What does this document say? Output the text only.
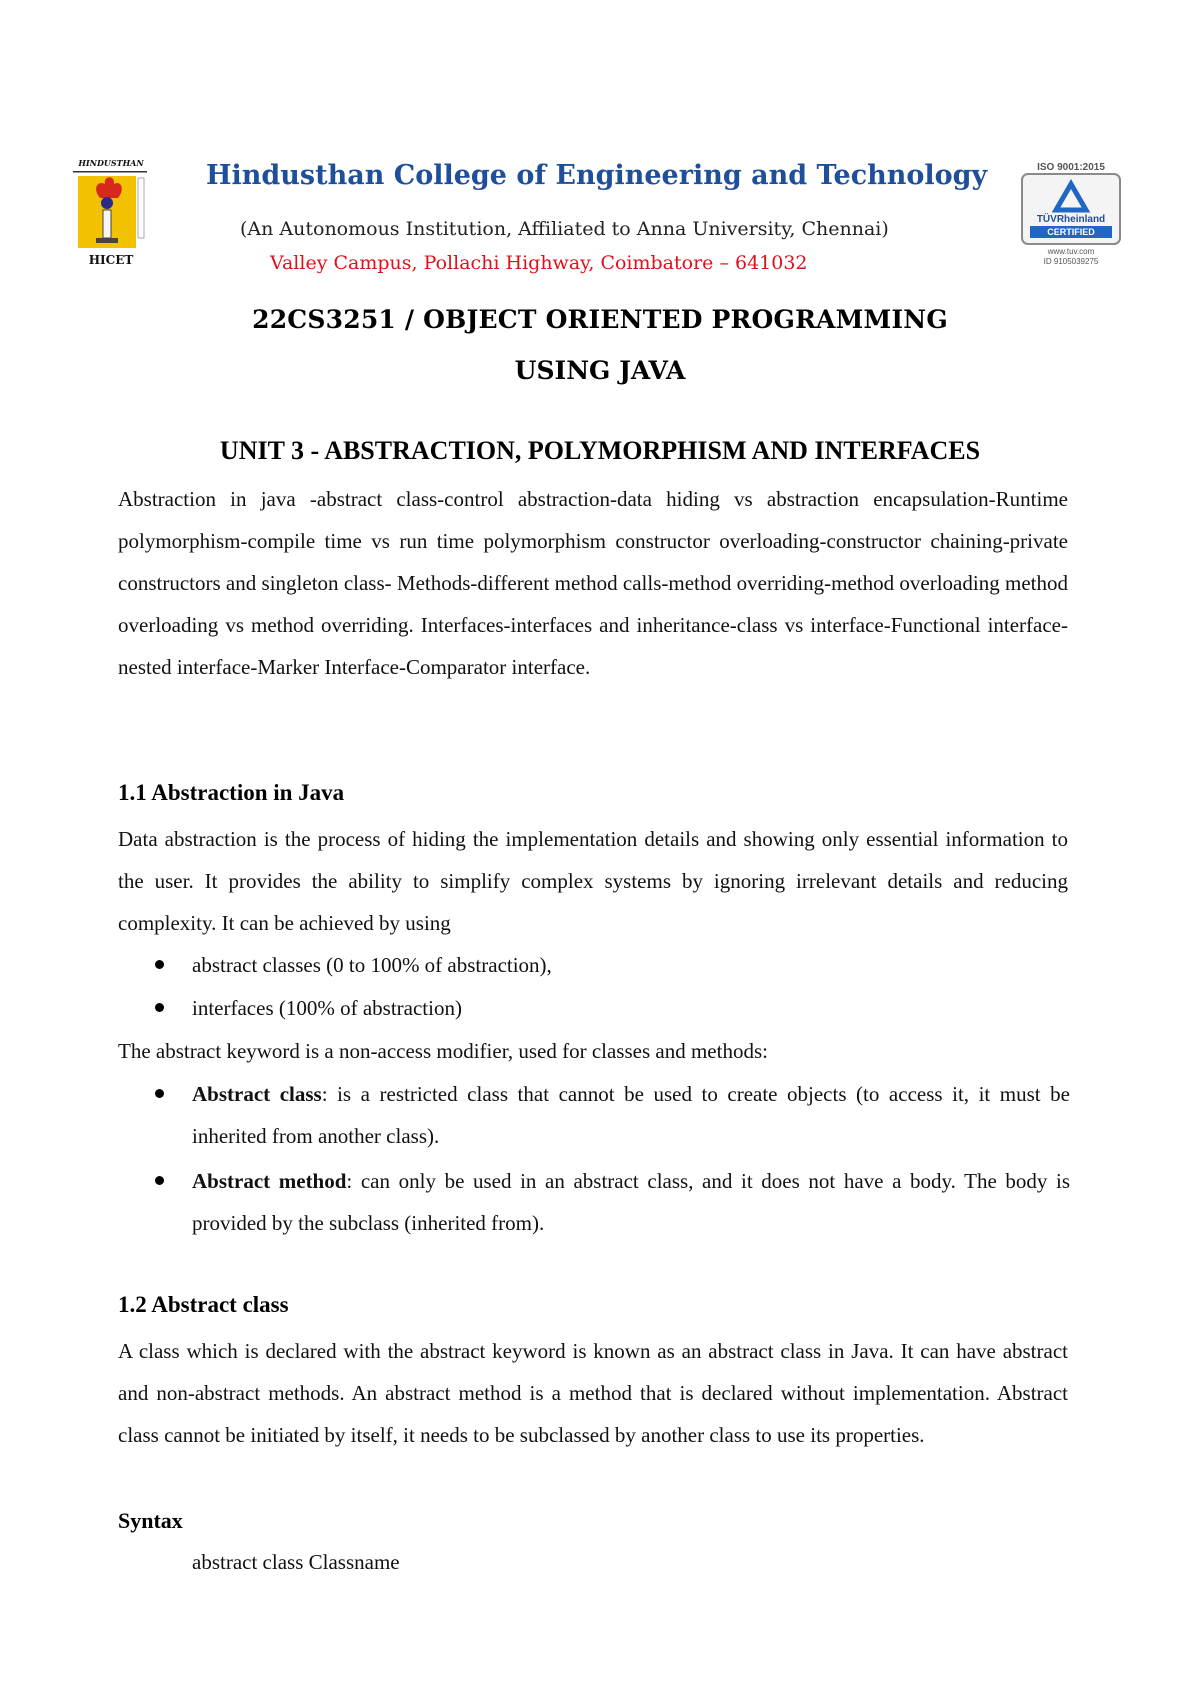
HINDUSTHAN
HICET
Hindusthan College of Engineering and Technology
(An Autonomous Institution, Affiliated to Anna University, Chennai)
Valley Campus, Pollachi Highway, Coimbatore – 641032
ISO 9001:2015
TÜVRheinland
CERTIFIED
www.tuv.com
ID 9105039275
22CS3251 / OBJECT ORIENTED PROGRAMMING
USING JAVA
UNIT 3 - ABSTRACTION, POLYMORPHISM AND INTERFACES
Abstraction in java -abstract class-control abstraction-data hiding vs abstraction encapsulation-Runtime polymorphism-compile time vs run time polymorphism constructor overloading-constructor chaining-private constructors and singleton class- Methods-different method calls-method overriding-method overloading method overloading vs method overriding. Interfaces-interfaces and inheritance-class vs interface-Functional interface-nested interface-Marker Interface-Comparator interface.
1.1 Abstraction in Java
Data abstraction is the process of hiding the implementation details and showing only essential information to the user. It provides the ability to simplify complex systems by ignoring irrelevant details and reducing complexity. It can be achieved by using
abstract classes (0 to 100% of abstraction),
interfaces (100% of abstraction)
The abstract keyword is a non-access modifier, used for classes and methods:
Abstract class: is a restricted class that cannot be used to create objects (to access it, it must be inherited from another class).
Abstract method: can only be used in an abstract class, and it does not have a body. The body is provided by the subclass (inherited from).
1.2 Abstract class
A class which is declared with the abstract keyword is known as an abstract class in Java. It can have abstract and non-abstract methods. An abstract method is a method that is declared without implementation. Abstract class cannot be initiated by itself, it needs to be subclassed by another class to use its properties.
Syntax
abstract class Classname
